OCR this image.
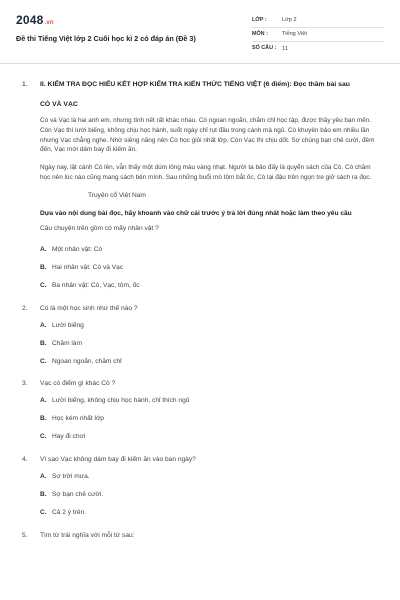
2048.vn
Đề thi Tiếng Việt lớp 2 Cuối học kì 2 có đáp án (Đề 3)
LỚP :	Lớp 2
MÔN :	Tiếng Việt
SỐ CÂU :	11
1.	II. KIỂM TRA ĐỌC HIỂU KẾT HỢP KIỂM TRA KIẾN THỨC TIẾNG VIỆT (6 điểm): Đọc thầm bài sau
CÒ VÀ VẠC

Cò và Vạc là hai anh em, nhưng tính nết rất khác nhau. Cò ngoan ngoãn, chăm chỉ học tập, được thầy yêu bạn mến. Còn Vạc thì lười biếng, không chịu học hành, suốt ngày chỉ rụt đầu trong cánh mà ngủ. Cò khuyên bảo em nhiều lần nhưng Vạc chẳng nghe. Nhờ siêng năng nên Cò học giỏi nhất lớp. Còn Vạc thì chịu dốt. Sợ chúng bạn chê cười, đêm đến, Vạc mới dám bay đi kiếm ăn.

Ngày nay, lật cánh Cò lên, vẫn thấy một dúm lông màu vàng nhạt. Người ta bảo đấy là quyển sách của Cò. Cò chăm học nên lúc nào cũng mang sách bên mình. Sau những buổi mò tôm bắt ốc, Cò lại đậu trên ngọn tre giở sách ra đọc.

Truyện cổ Việt Nam
Dựa vào nội dung bài đọc, hãy khoanh vào chữ cái trước ý trả lời đúng nhất hoặc làm theo yêu cầu
Câu chuyện trên gồm có mấy nhân vật ?
A. Một nhân vật: Cò
B. Hai nhân vật: Cò và Vạc
C. Ba nhân vật: Cò, Vạc, tôm, ốc
2.	Cò là một học sinh như thế nào ?
A. Lười biếng
B. Chăm làm
C. Ngoan ngoãn, chăm chỉ
3.	Vạc có điểm gì khác Cò ?
A. Lười biếng, không chịu học hành, chỉ thích ngủ
B. Học kém nhất lớp
C. Hay đi chơi
4.	Vì sao Vạc không dám bay đi kiếm ăn vào ban ngày?
A. Sợ trời mưa.
B. Sợ bạn chê cười.
C. Cả 2 ý trên.
5.	Tìm từ trái nghĩa với mỗi từ sau:
